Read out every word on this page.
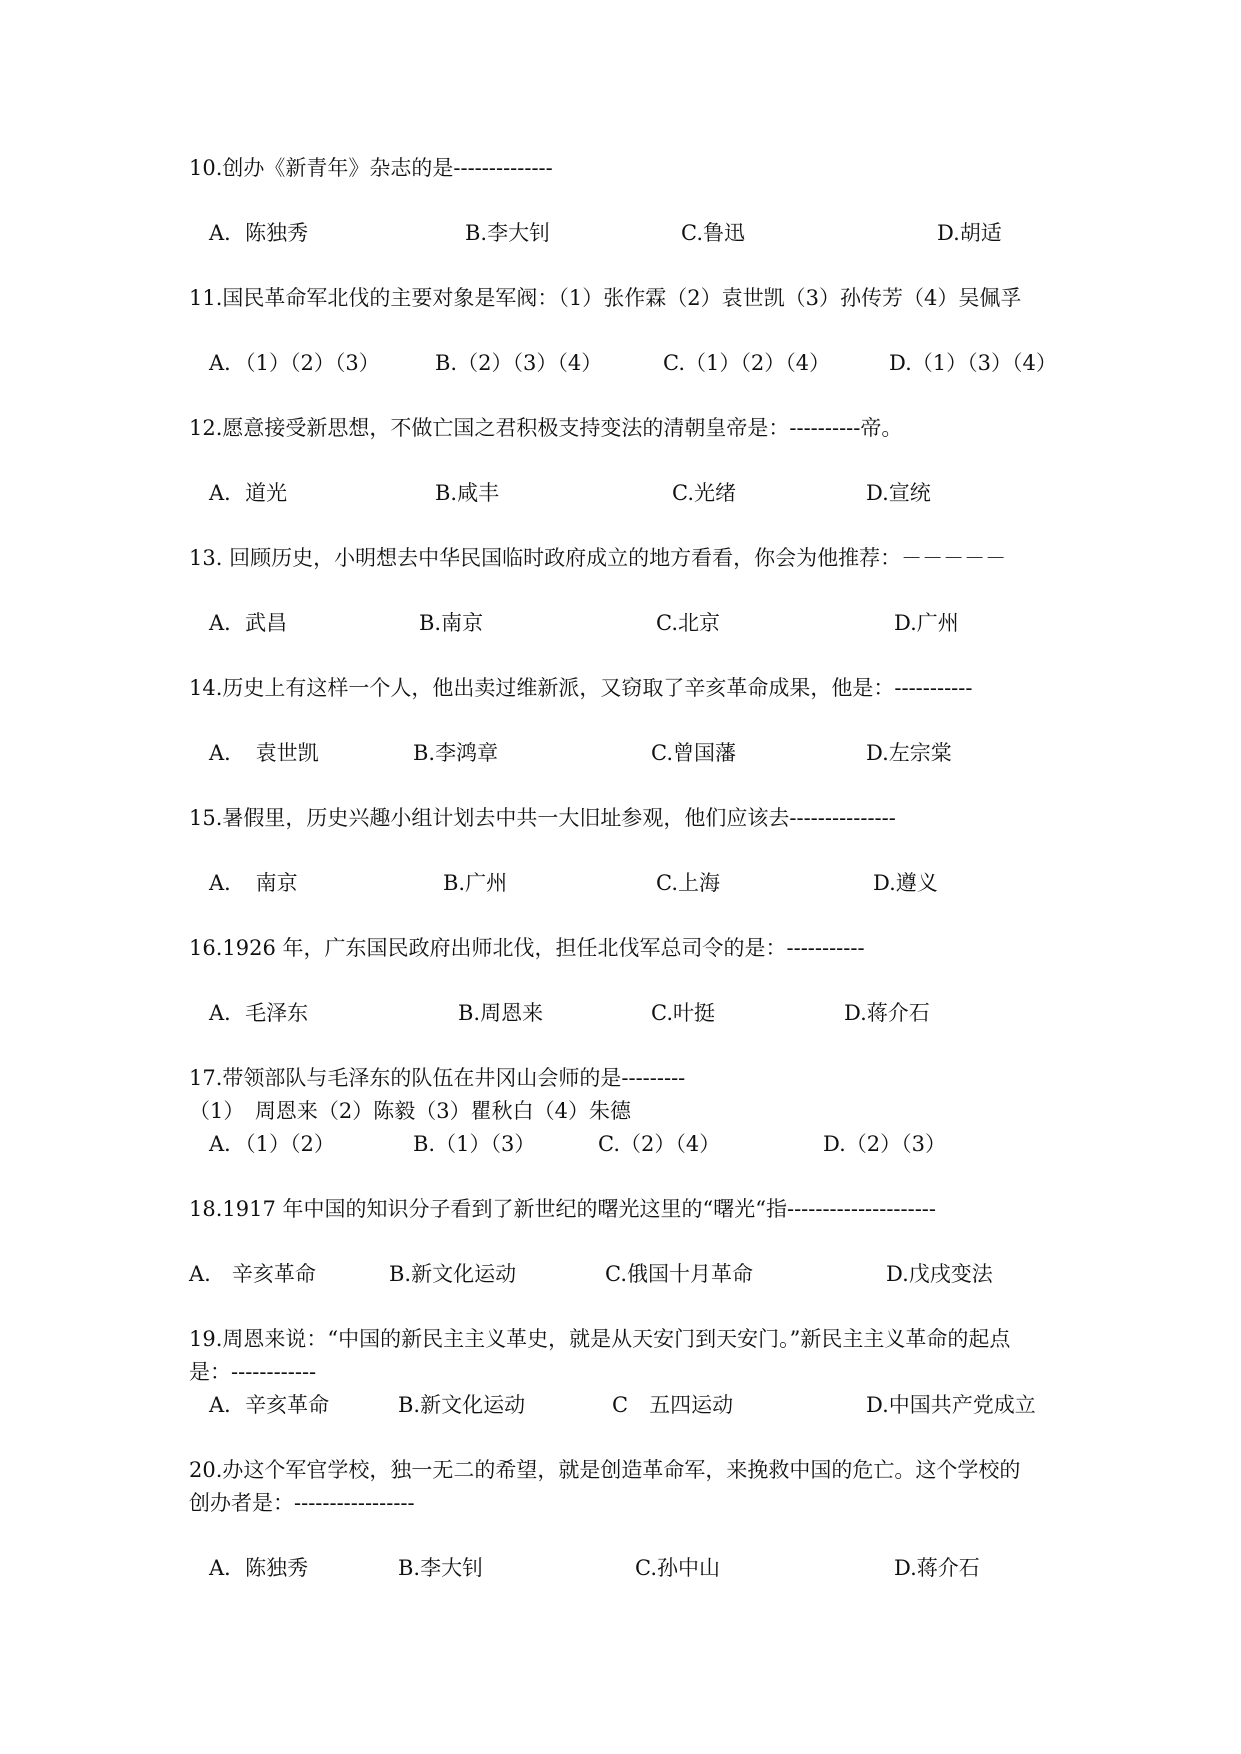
10.创办《新青年》杂志的是--------------
A．陈独秀	B.李大钊	C.鲁迅	D.胡适
11.国民革命军北伐的主要对象是军阀：（1）张作霖（2）袁世凯（3）孙传芳（4）吴佩孚
A．（1）（2）（3）	B.（2）（3）（4）	C.（1）（2）（4）	D.（1）（3）（4）
12.愿意接受新思想，不做亡国之君积极支持变法的清朝皇帝是：----------帝。
A．道光	B.咸丰	C.光绪	D.宣统
13. 回顾历史，小明想去中华民国临时政府成立的地方看看，你会为他推荐：－－－－－
A．武昌	B.南京	C.北京	D.广州
14.历史上有这样一个人，他出卖过维新派，又窃取了辛亥革命成果，他是：-----------
A．　袁世凯	B.李鸿章	C.曾国藩	D.左宗棠
15.暑假里，历史兴趣小组计划去中共一大旧址参观，他们应该去---------------
A．　南京	B.广州	C.上海	D.遵义
16.1926 年，广东国民政府出师北伐，担任北伐军总司令的是：-----------
A．毛泽东	B.周恩来	C.叶挺	D.蒋介石
17.带领部队与毛泽东的队伍在井冈山会师的是---------
（1）　周恩来（2）陈毅（3）瞿秋白（4）朱德
A．（1）（2）	B.（1）（3）	C.（2）（4）	D.（2）（3）
18.1917 年中国的知识分子看到了新世纪的曙光这里的“曙光“指---------------------
A.　辛亥革命	B.新文化运动	C.俄国十月革命	D.戊戌变法
19.周恩来说：“中国的新民主主义革史，就是从天安门到天安门。”新民主主义革命的起点
是：------------
A．辛亥革命	B.新文化运动	C　五四运动	D.中国共产党成立
20.办这个军官学校，独一无二的希望，就是创造革命军，来挽救中国的危亡。这个学校的
创办者是：-----------------
A．陈独秀	B.李大钊	C.孙中山	D.蒋介石
